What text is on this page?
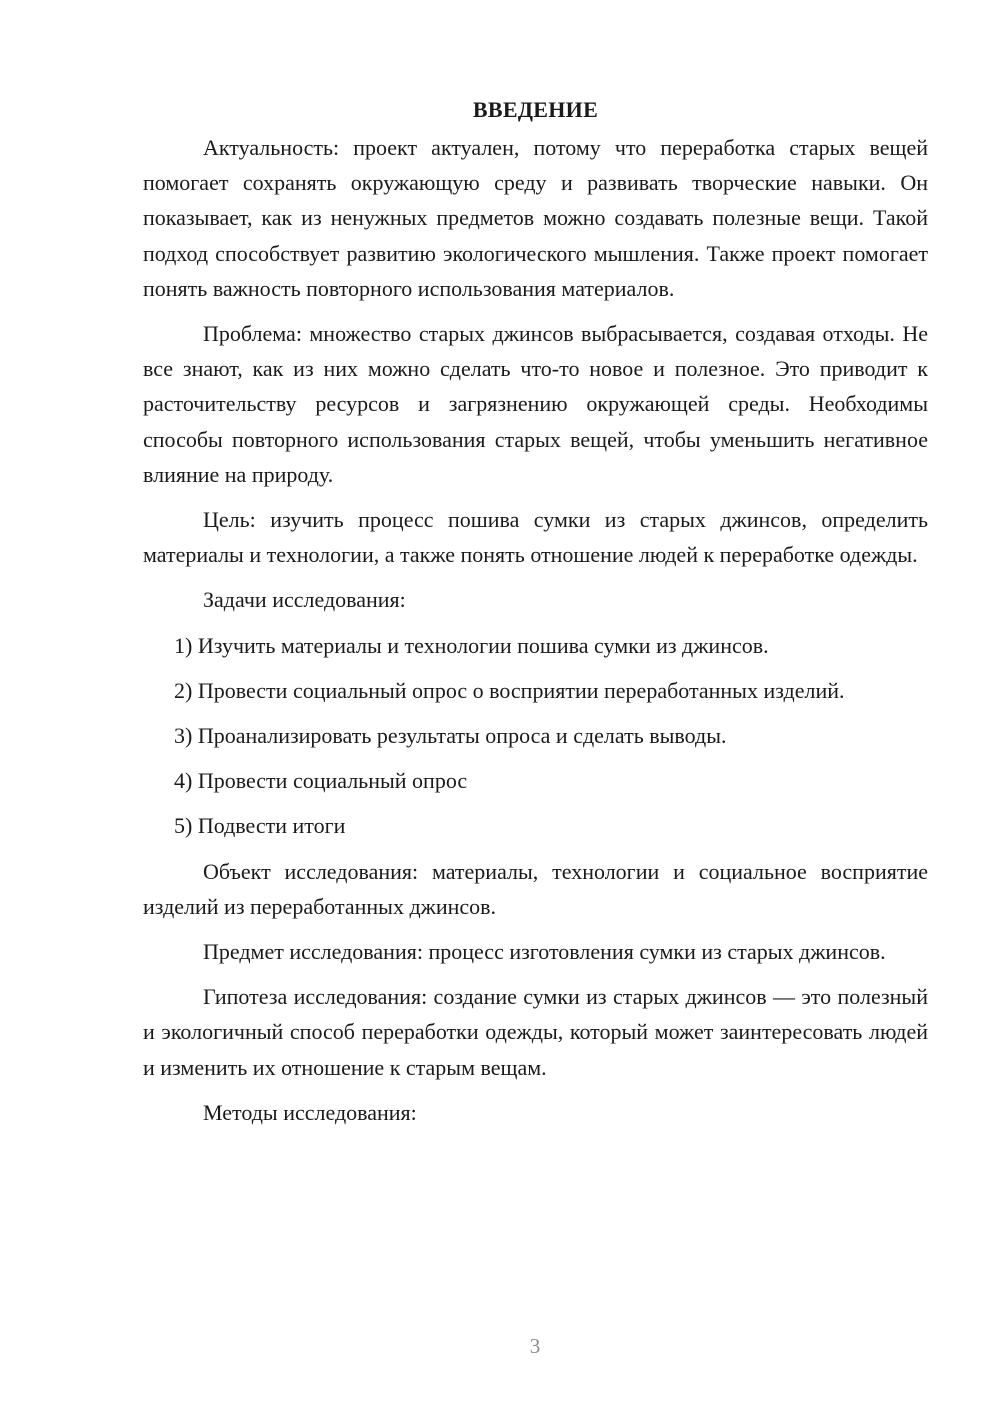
ВВЕДЕНИЕ

Актуальность: проект актуален, потому что переработка старых вещей помогает сохранять окружающую среду и развивать творческие навыки. Он показывает, как из ненужных предметов можно создавать полезные вещи. Такой подход способствует развитию экологического мышления. Также проект помогает понять важность повторного использования материалов.

Проблема: множество старых джинсов выбрасывается, создавая отходы. Не все знают, как из них можно сделать что-то новое и полезное. Это приводит к расточительству ресурсов и загрязнению окружающей среды. Необходимы способы повторного использования старых вещей, чтобы уменьшить негативное влияние на природу.

Цель: изучить процесс пошива сумки из старых джинсов, определить материалы и технологии, а также понять отношение людей к переработке одежды.

Задачи исследования:

1) Изучить материалы и технологии пошива сумки из джинсов.

2) Провести социальный опрос о восприятии переработанных изделий.

3) Проанализировать результаты опроса и сделать выводы.

4) Провести социальный опрос

5) Подвести итоги

Объект исследования: материалы, технологии и социальное восприятие изделий из переработанных джинсов.

Предмет исследования: процесс изготовления сумки из старых джинсов.

Гипотеза исследования: создание сумки из старых джинсов — это полезный и экологичный способ переработки одежды, который может заинтересовать людей и изменить их отношение к старым вещам.

Методы исследования:

3
